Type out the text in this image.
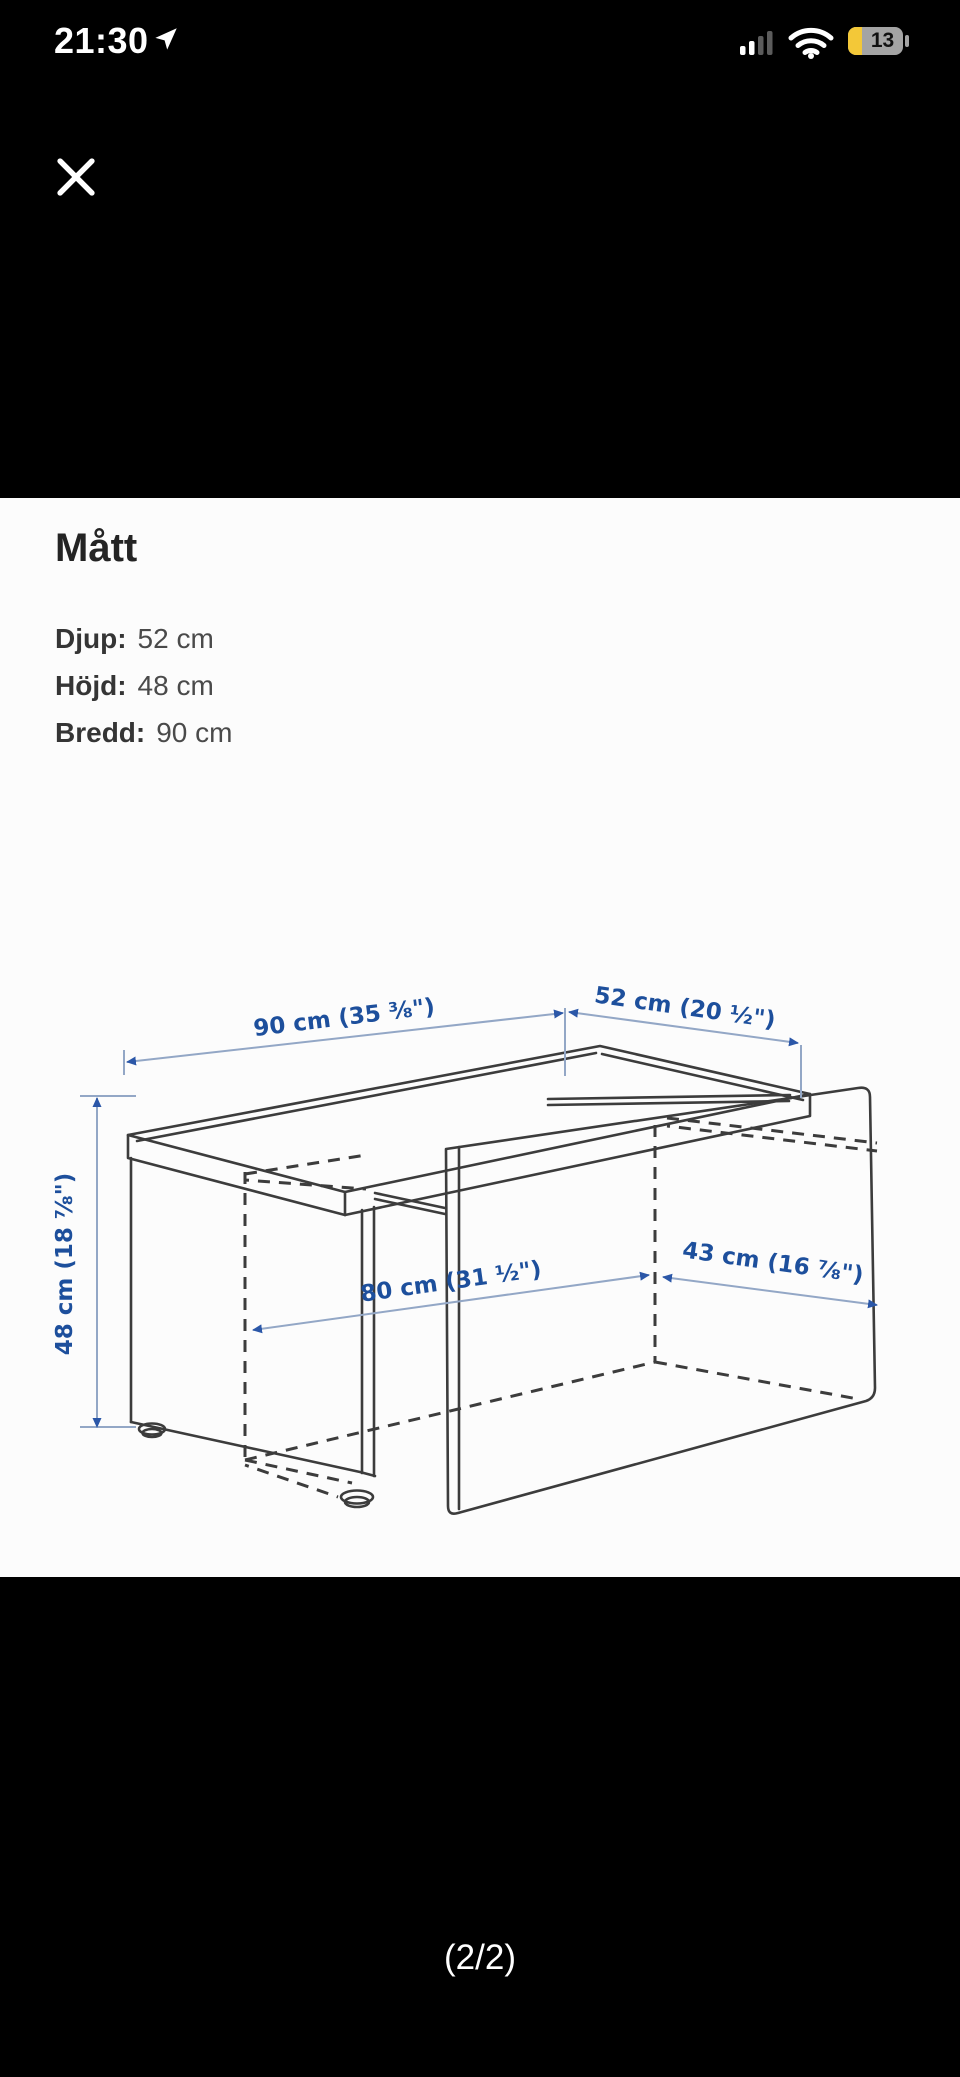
21:30	13
Mått
Djup: 52 cm
Höjd: 48 cm
Bredd: 90 cm
90 cm (35 ⅜")	52 cm (20 ½")
48 cm (18 ⅞")	80 cm (31 ½")	43 cm (16 ⅞")
(2/2)
